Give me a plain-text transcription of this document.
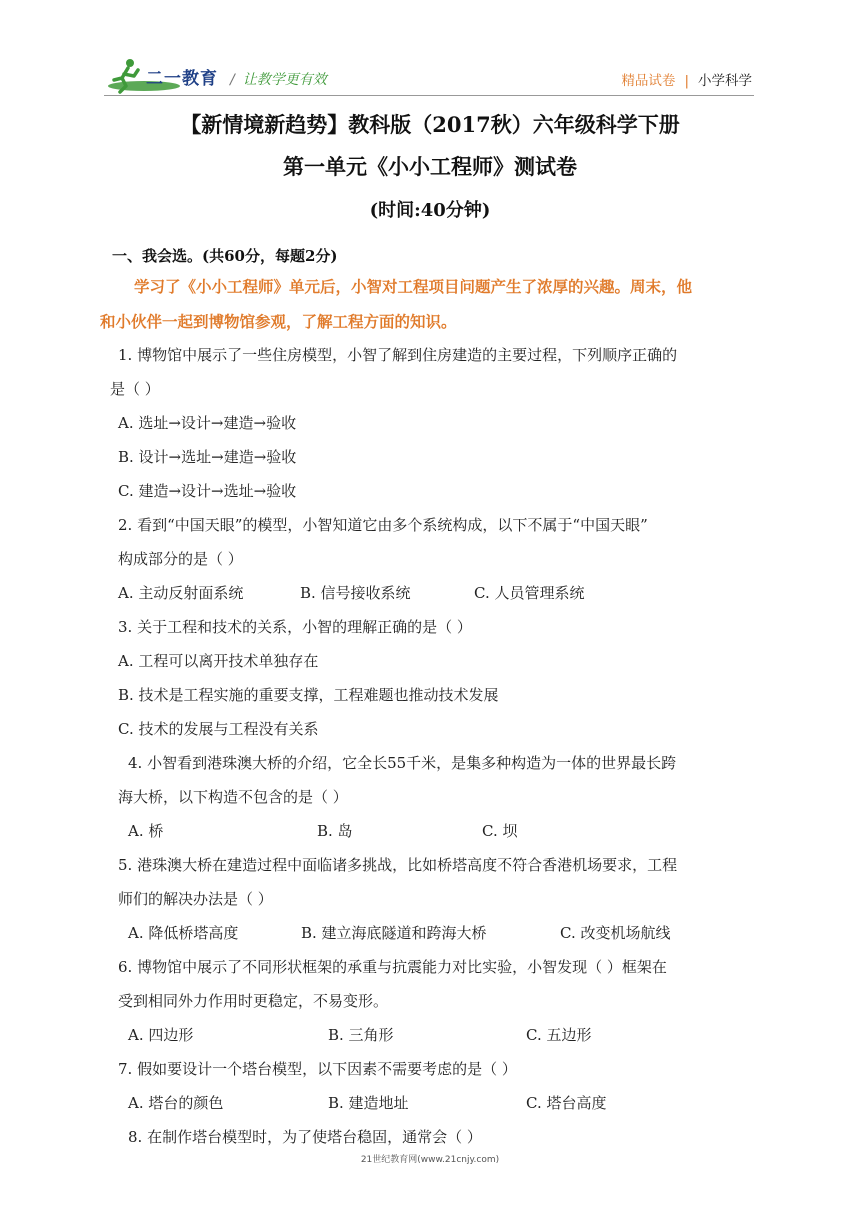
二一教育 / 让教学更有效	精品试卷 | 小学科学
【新情境新趋势】教科版（2017秋）六年级科学下册
第一单元《小小工程师》测试卷
(时间:40分钟)
一、我会选。(共60分，每题2分)
学习了《小小工程师》单元后，小智对工程项目问题产生了浓厚的兴趣。周末，他
和小伙伴一起到博物馆参观，了解工程方面的知识。
1. 博物馆中展示了一些住房模型，小智了解到住房建造的主要过程，下列顺序正确的
是（ ）
A. 选址→设计→建造→验收
B. 设计→选址→建造→验收
C. 建造→设计→选址→验收
2. 看到“中国天眼”的模型，小智知道它由多个系统构成，以下不属于“中国天眼”
构成部分的是（ ）
A. 主动反射面系统	B. 信号接收系统	C. 人员管理系统
3. 关于工程和技术的关系，小智的理解正确的是（ ）
A. 工程可以离开技术单独存在
B. 技术是工程实施的重要支撑，工程难题也推动技术发展
C. 技术的发展与工程没有关系
4. 小智看到港珠澳大桥的介绍，它全长55千米，是集多种构造为一体的世界最长跨
海大桥，以下构造不包含的是（ ）
A. 桥	B. 岛	C. 坝
5. 港珠澳大桥在建造过程中面临诸多挑战，比如桥塔高度不符合香港机场要求，工程
师们的解决办法是（ ）
A. 降低桥塔高度	B. 建立海底隧道和跨海大桥	C. 改变机场航线
6. 博物馆中展示了不同形状框架的承重与抗震能力对比实验，小智发现（ ）框架在
受到相同外力作用时更稳定，不易变形。
A. 四边形	B. 三角形	C. 五边形
7. 假如要设计一个塔台模型，以下因素不需要考虑的是（ ）
A. 塔台的颜色	B. 建造地址	C. 塔台高度
8. 在制作塔台模型时，为了使塔台稳固，通常会（ ）
21世纪教育网(www.21cnjy.com)
